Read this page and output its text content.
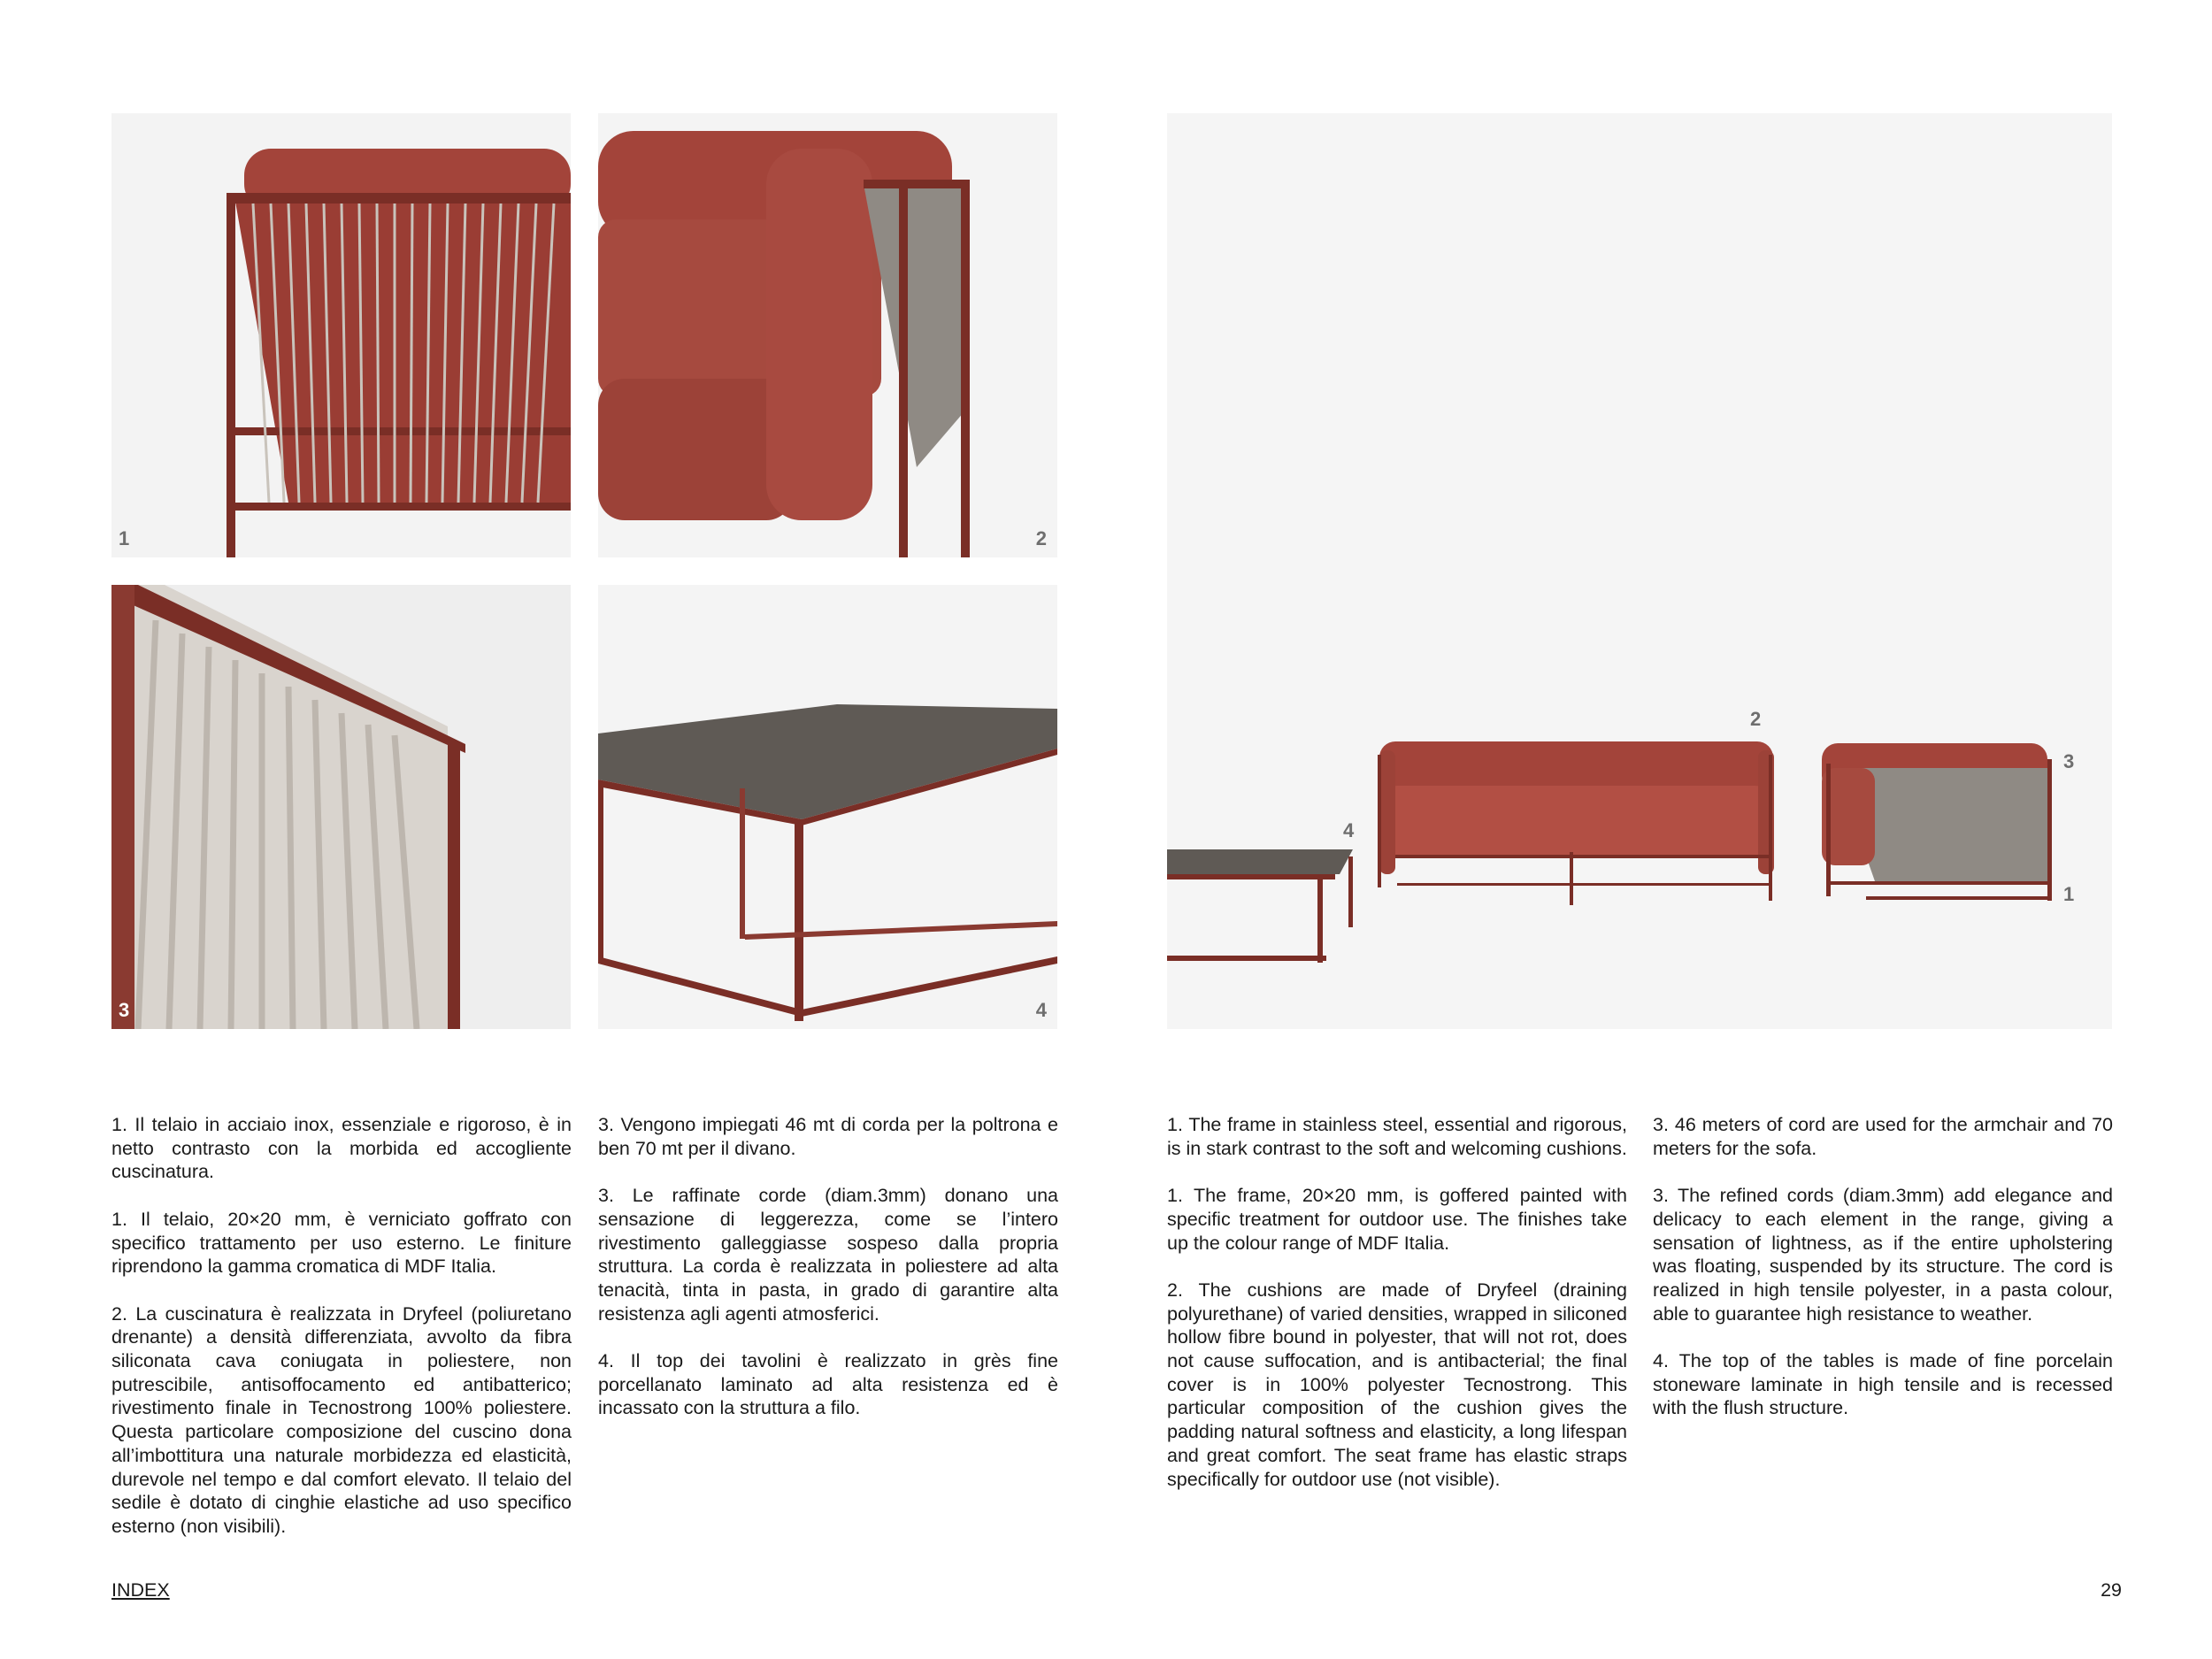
1	2
3	4
2
3
4
1

1. Il telaio in acciaio inox, essenziale e rigoroso, è in netto contrasto con la morbida ed accogliente cuscinatura.

1. Il telaio, 20×20 mm, è verniciato goffrato con specifico trattamento per uso esterno. Le finiture riprendono la gamma cromatica di MDF Italia.

2. La cuscinatura è realizzata in Dryfeel (poliuretano drenante) a densità differenziata, avvolto da fibra siliconata cava coniugata in poliestere, non putrescibile, antisoffocamento ed antibatterico; rivestimento finale in Tecnostrong 100% poliestere. Questa particolare composizione del cuscino dona all’imbottitura una naturale morbidezza ed elasticità, durevole nel tempo e dal comfort elevato. Il telaio del sedile è dotato di cinghie elastiche ad uso specifico esterno (non visibili).

3. Vengono impiegati 46 mt di corda per la poltrona e ben 70 mt per il divano.

3. Le raffinate corde (diam.3mm) donano una sensazione di leggerezza, come se l’intero rivestimento galleggiasse sospeso dalla propria struttura. La corda è realizzata in poliestere ad alta tenacità, tinta in pasta, in grado di garantire alta resistenza agli agenti atmosferici.

4. Il top dei tavolini è realizzato in grès fine porcellanato laminato ad alta resistenza ed è incassato con la struttura a filo.

1. The frame in stainless steel, essential and rigorous, is in stark contrast to the soft and welcoming cushions.

1. The frame, 20×20 mm, is goffered painted with specific treatment for outdoor use. The finishes take up the colour range of MDF Italia.

2. The cushions are made of Dryfeel (draining polyurethane) of varied densities, wrapped in siliconed hollow fibre bound in polyester, that will not rot, does not cause suffocation, and is antibacterial; the final cover is in 100% polyester Tecnostrong. This particular composition of the cushion gives the padding natural softness and elasticity, a long lifespan and great comfort. The seat frame has elastic straps specifically for outdoor use (not visible).

3. 46 meters of cord are used for the armchair and 70 meters for the sofa.

3. The refined cords (diam.3mm) add elegance and delicacy to each element in the range, giving a sensation of lightness, as if the entire upholstering was floating, suspended by its structure. The cord is realized in high tensile polyester, in a pasta colour, able to guarantee high resistance to weather.

4. The top of the tables is made of fine porcelain stoneware laminate in high tensile and is recessed with the flush structure.

INDEX	29
